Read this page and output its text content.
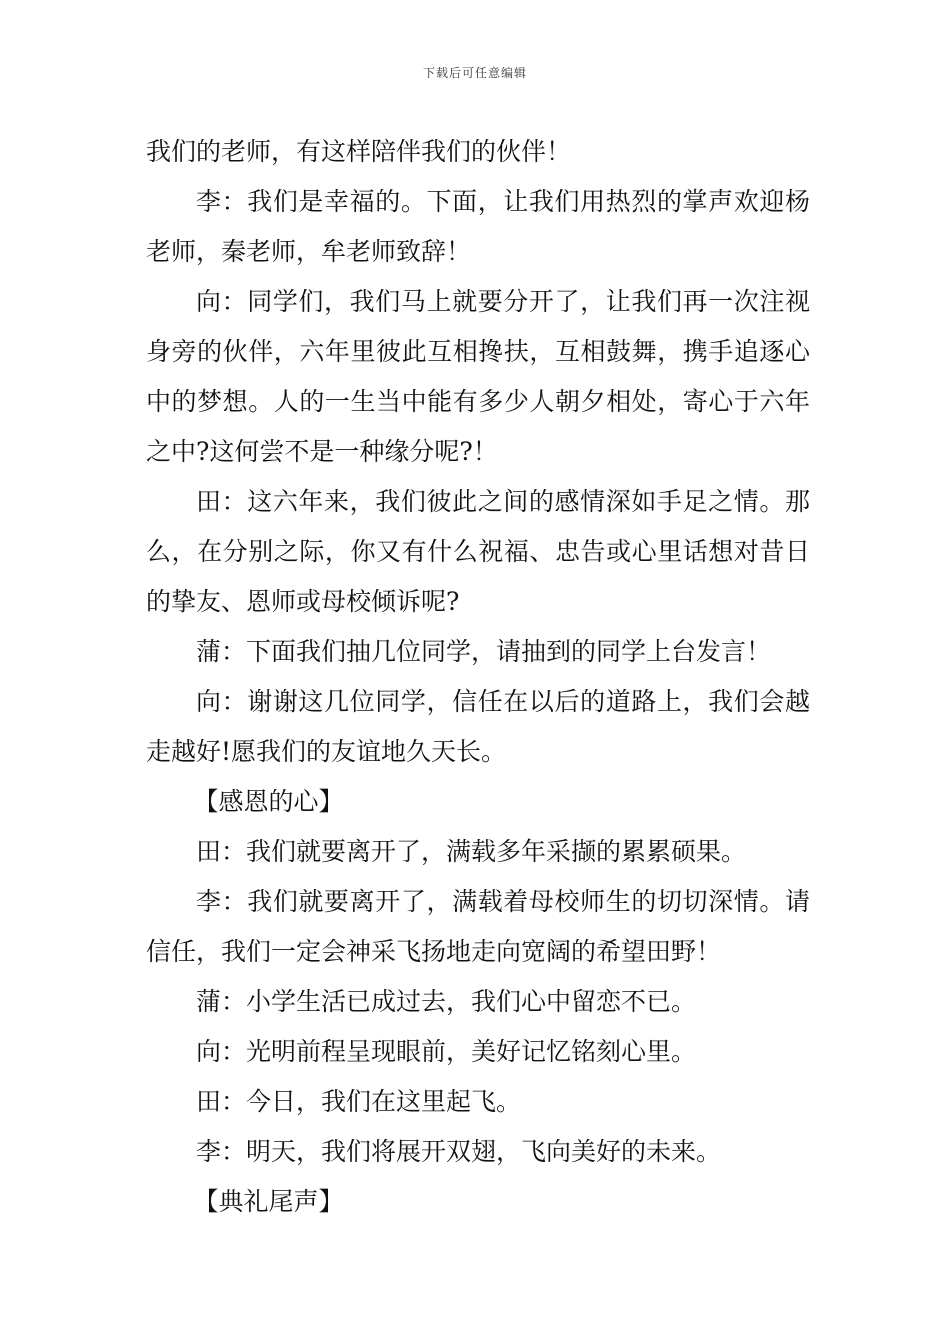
下载后可任意编辑

我们的老师，有这样陪伴我们的伙伴！

李：我们是幸福的。下面，让我们用热烈的掌声欢迎杨老师，秦老师，牟老师致辞！

向：同学们，我们马上就要分开了，让我们再一次注视身旁的伙伴，六年里彼此互相搀扶，互相鼓舞，携手追逐心中的梦想。人的一生当中能有多少人朝夕相处，寄心于六年之中?这何尝不是一种缘分呢?！

田：这六年来，我们彼此之间的感情深如手足之情。那么，在分别之际，你又有什么祝福、忠告或心里话想对昔日的挚友、恩师或母校倾诉呢?

蒲：下面我们抽几位同学，请抽到的同学上台发言！

向：谢谢这几位同学，信任在以后的道路上，我们会越走越好!愿我们的友谊地久天长。

【感恩的心】

田：我们就要离开了，满载多年采撷的累累硕果。

李：我们就要离开了，满载着母校师生的切切深情。请信任，我们一定会神采飞扬地走向宽阔的希望田野！

蒲：小学生活已成过去，我们心中留恋不已。

向：光明前程呈现眼前，美好记忆铭刻心里。

田：今日，我们在这里起飞。

李：明天，我们将展开双翅，飞向美好的未来。

【典礼尾声】
